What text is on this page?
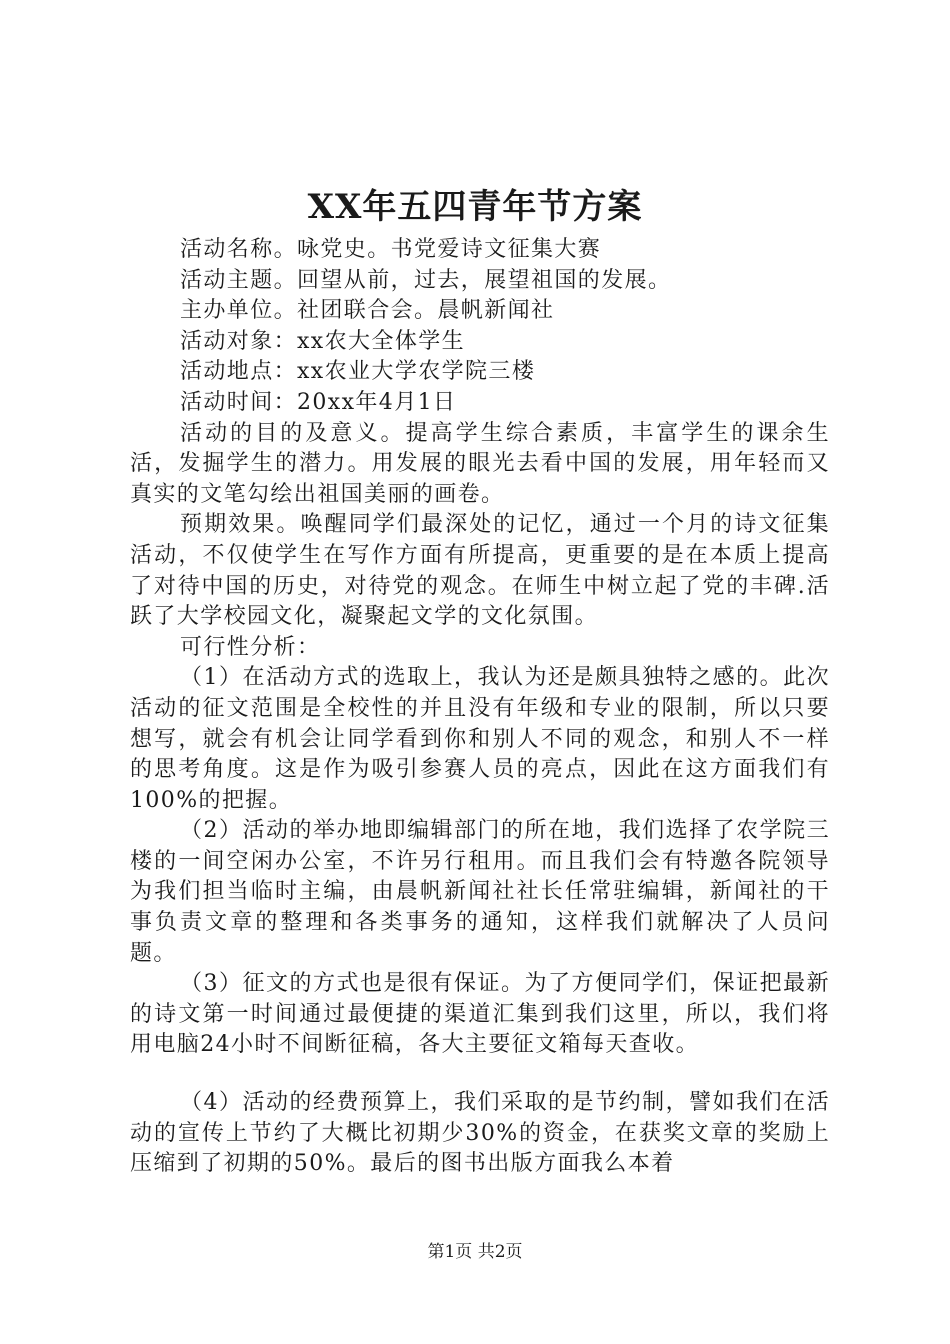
XX年五四青年节方案

活动名称。咏党史。书党爱诗文征集大赛

活动主题。回望从前，过去，展望祖国的发展。

主办单位。社团联合会。晨帆新闻社

活动对象：xx农大全体学生

活动地点：xx农业大学农学院三楼

活动时间：20xx年4月1日

活动的目的及意义。提高学生综合素质，丰富学生的课余生活，发掘学生的潜力。用发展的眼光去看中国的发展，用年轻而又真实的文笔勾绘出祖国美丽的画卷。

预期效果。唤醒同学们最深处的记忆，通过一个月的诗文征集活动，不仅使学生在写作方面有所提高，更重要的是在本质上提高了对待中国的历史，对待党的观念。在师生中树立起了党的丰碑.活跃了大学校园文化，凝聚起文学的文化氛围。

可行性分析：

（1）在活动方式的选取上，我认为还是颇具独特之感的。此次活动的征文范围是全校性的并且没有年级和专业的限制，所以只要想写，就会有机会让同学看到你和别人不同的观念，和别人不一样的思考角度。这是作为吸引参赛人员的亮点，因此在这方面我们有100%的把握。

（2）活动的举办地即编辑部门的所在地，我们选择了农学院三楼的一间空闲办公室，不许另行租用。而且我们会有特邀各院领导为我们担当临时主编，由晨帆新闻社社长任常驻编辑，新闻社的干事负责文章的整理和各类事务的通知，这样我们就解决了人员问题。

（3）征文的方式也是很有保证。为了方便同学们，保证把最新的诗文第一时间通过最便捷的渠道汇集到我们这里，所以，我们将用电脑24小时不间断征稿，各大主要征文箱每天查收。

（4）活动的经费预算上，我们采取的是节约制，譬如我们在活动的宣传上节约了大概比初期少30%的资金，在获奖文章的奖励上压缩到了初期的50%。最后的图书出版方面我么本着

第1页 共2页
